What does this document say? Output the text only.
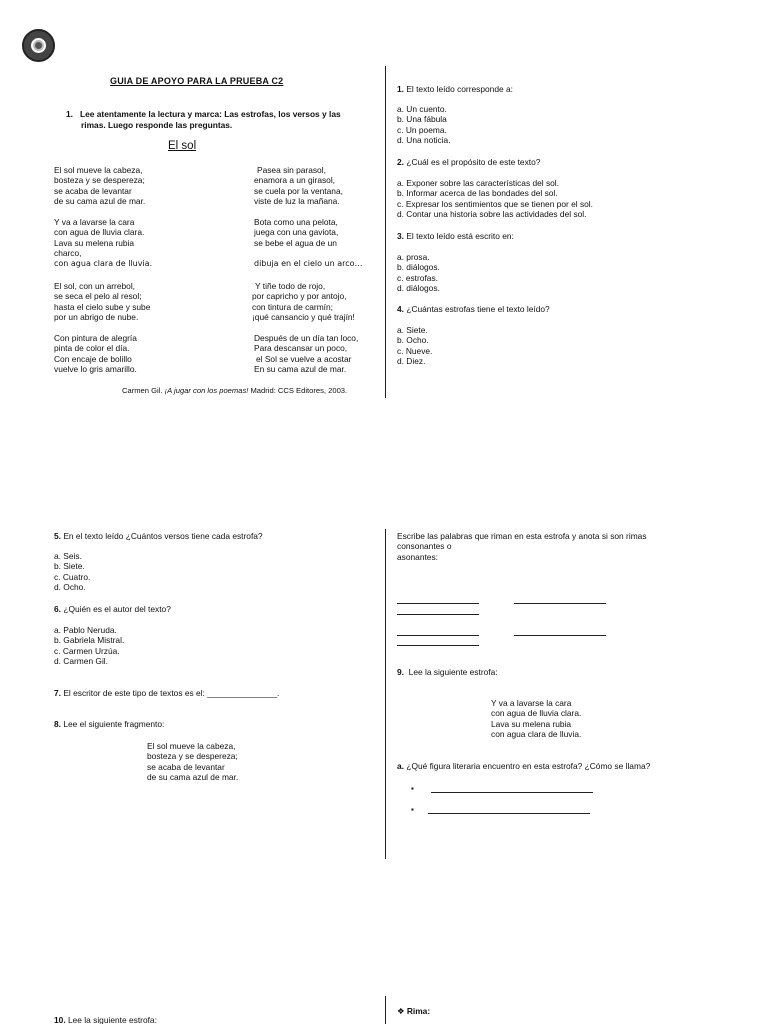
GUIA DE APOYO PARA LA PRUEBA C2
1. Lee atentamente la lectura y marca: Las estrofas, los versos y las
rimas. Luego responde las preguntas.
El sol
El sol mueve la cabeza,
bosteza y se despereza;
se acaba de levantar
de su cama azul de mar.
Y va a lavarse la cara
con agua de lluvia clara.
Lava su melena rubia
charco,
con agua clara de lluvia.
El sol, con un arrebol,
se seca el pelo al resol;
hasta el cielo sube y sube
por un abrigo de nube.
Con pintura de alegría
pinta de color el día.
Con encaje de bolillo
vuelve lo gris amarillo.
Pasea sin parasol,
enamora a un girasol,
se cuela por la ventana,
viste de luz la mañana.
Bota como una pelota,
juega con una gaviota,
se bebe el agua de un
dibuja en el cielo un arco…
Y tiñe todo de rojo,
por capricho y por antojo,
con tintura de carmín;
¡qué cansancio y qué trajín!
Después de un día tan loco,
Para descansar un poco,
el Sol se vuelve a acostar
En su cama azul de mar.
Carmen Gil. ¡A jugar con los poemas! Madrid: CCS Editores, 2003.
1. El texto leído corresponde a:
a. Un cuento.
b. Una fábula
c. Un poema.
d. Una noticia.
2. ¿Cuál es el propósito de este texto?
a. Exponer sobre las características del sol.
b. Informar acerca de las bondades del sol.
c. Expresar los sentimientos que se tienen por el sol.
d. Contar una historia sobre las actividades del sol.
3. El texto leído está escrito en:
a. prosa.
b. diálogos.
c. estrofas.
d. diálogos.
4. ¿Cuántas estrofas tiene el texto leído?
a. Siete.
b. Ocho.
c. Nueve.
d. Diez.
5. En el texto leído ¿Cuántos versos tiene cada estrofa?
a. Seis.
b. Siete.
c. Cuatro.
d. Ocho.
6. ¿Quién es el autor del texto?
a. Pablo Neruda.
b. Gabriela Mistral.
c. Carmen Urzúa.
d. Carmen Gil.
7. El escritor de este tipo de textos es el: _______________.
8. Lee el siguiente fragmento:
El sol mueve la cabeza,
bosteza y se despereza;
se acaba de levantar
de su cama azul de mar.
Escribe las palabras que riman en esta estrofa y anota si son rimas
consonantes o
asonantes:
9. Lee la siguiente estrofa:
Y va a lavarse la cara
con agua de lluvia clara.
Lava su melena rubia
con agua clara de lluvia.
a. ¿Qué figura literaria encuentro en esta estrofa? ¿Cómo se llama?
▪
▪
10. Lee la siguiente estrofa:
❖ Rima:
